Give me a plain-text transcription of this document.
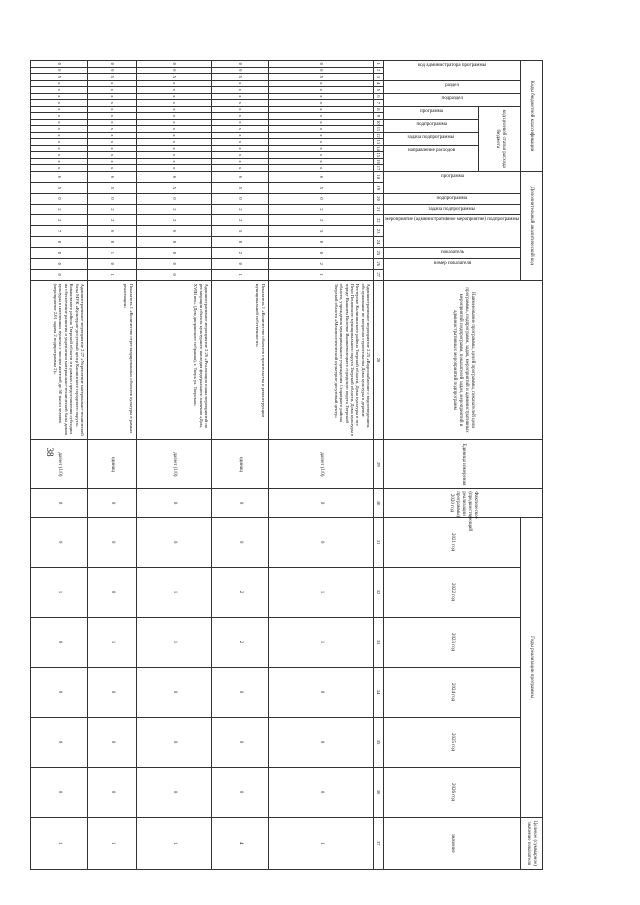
38
Коды бюджетной классификации																	Дополнительный аналитический код										Наименование программы, целей программы, показателей цели программы, подпрограмм, задач, мероприятий и административных мероприятий подпрограмм, показателей задач, мероприятий и административных мероприятий подпрограмм	Единица измерения	Фактическое (предшествующий реализации программы) 2020 год	Годы реализации программы						Целевое (суммарное) значение показателя

код администратора программы			раздел		подраздел		код целевой статьи расхода бюджета										программа		подпрограмма	задача подпрограммы	мероприятие (административное мероприятие) подпрограммы			показатель	номер показателя					2021 год	2022 год	2023 год	2024 год	2025 год	2026 год	значение

							программа		подпрограмма		задача подпрограммы		направление расходов																							

1	2	3	4	5	6	7	8	9	10	11	12	13	14	15	16	17	18	19	20	21	22	23	24	25	26	27	28	29	30	31	32	33	34	35	36	37
0	6	5	x	x	x	x	x	x	x	x	x	x	x	x	x	x	6	5	0	2	2	5	0	0	2	1	Административное мероприятие 2.25 «Водоснабжение с водоотведением, обслуживание по вопросам строительства Дома культуры в деревне Нестерово Калининского района Тверской области, Дома культуры в пгт Пено Пеновского муниципального округа Тверской области, Дома культуры в городе Вышнем Волочке Вышневолоцкого городского округа Тверской области, учреждения муниципального учреждения Старицкого района Тверской области «Межпоселенческий культурно-досуговый центр»	да/нет (1/0)	0	0	1	1	0	0	0	1
0	6	5	x	x	x	x	x	x	x	x	x	x	x	x	x	x	6	5	0	2	2	5	0	2	0	1	Показатель 1 «Количество объектов строительства и реконструкции муниципальной собственности»	единиц	0	0	2	2	0	0	0	4
0	6	5	x	x	x	x	x	x	x	x	x	x	x	x	x	x	6	5	0	2	2	6	0	0	0	0	Административное мероприятие 2.26 «Реализация плана мероприятий по реставрации объекта культурного наследия федерального значения «Дом, XVIII век» (Дом дворянского собрания), г. Тверь ул. Тверская»	да/нет (1/0)	0	0	1	1	0	0	0	1
0	6	5	x	x	x	x	x	x	x	x	x	x	x	x	x	x	6	5	0	2	2	6	0	1	0	1	Показатель 1 «Количество отреставрированных объектов культуры в рамках реализации»	единиц	0	0	0	1	0	0	0	1
0	6	5	x	x	x	x	x	x	x	x	x	x	x	x	x	x	6	5	0	2	2	7	0	0	0	0	Административное мероприятие 2.27 «Укрепление материально-технической базы МУК «Культурно-досуговый центр Кашинского городского округа» Конаковского района Тверской области и в рамках предоставления субсидии на обеспечение развития и укрепления материально-технической базы домов культуры в населенных пунктах с числом жителей до 50 тысяч человек (мероприятие 2.01 задача 2 подпрограммы 2)»	да/нет (1/0)	0	0	1	0	0	0	0	1
